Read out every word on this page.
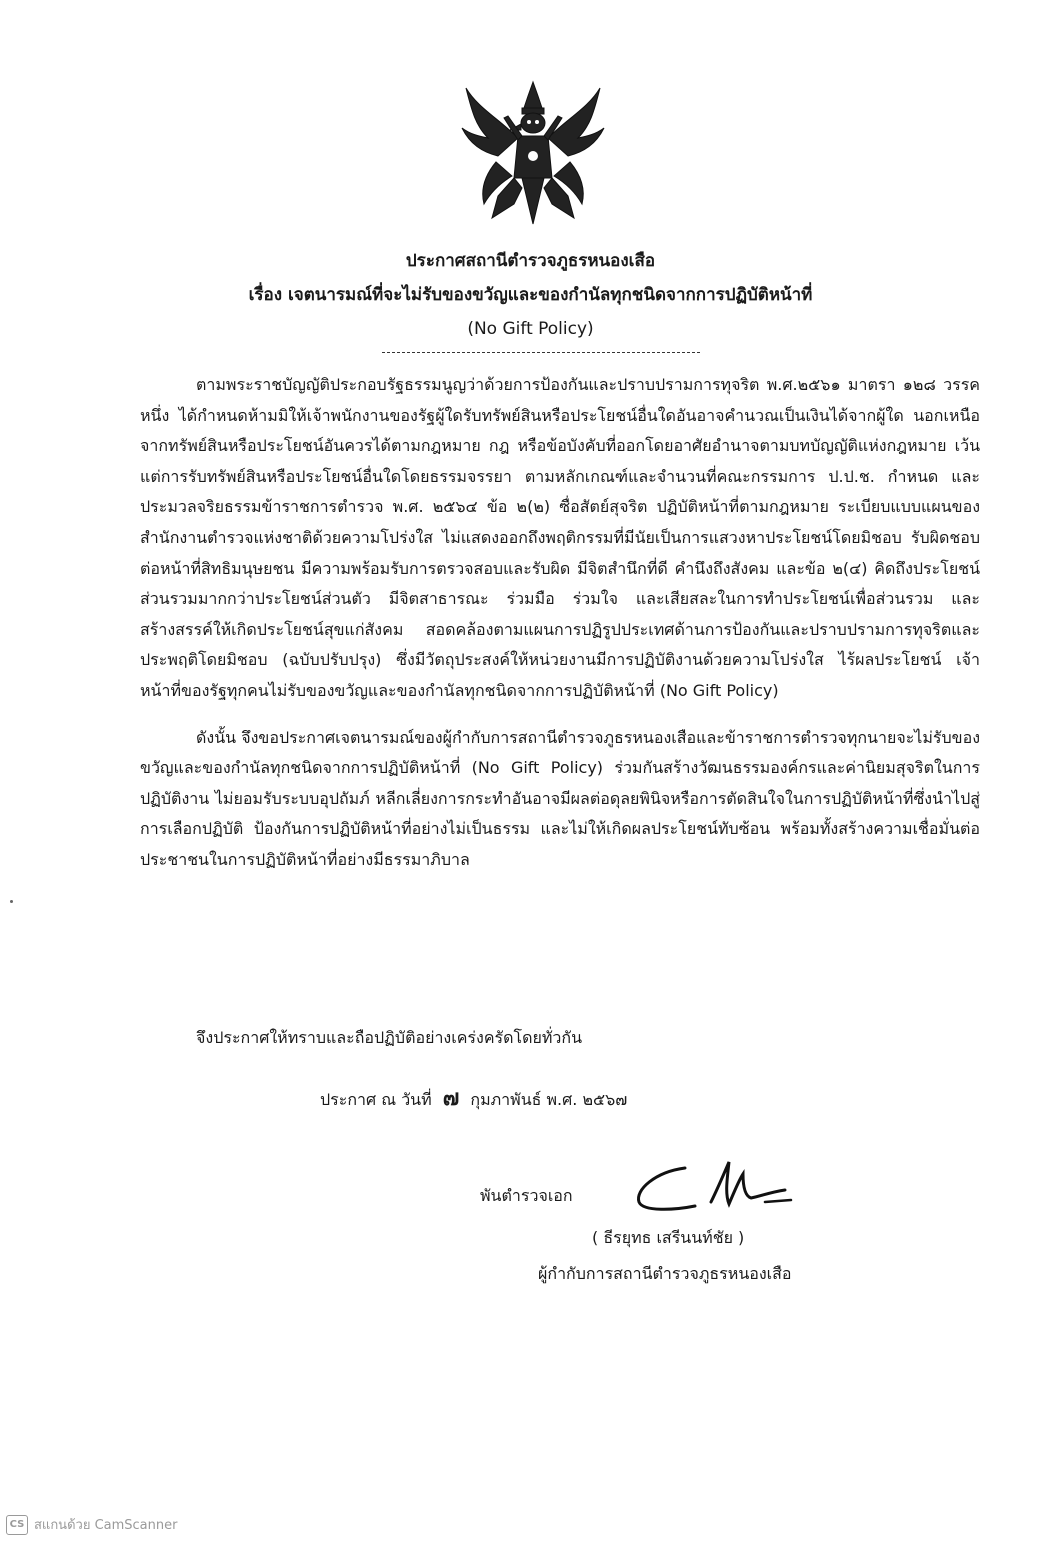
ประกาศสถานีตำรวจภูธรหนองเสือ
เรื่อง เจตนารมณ์ที่จะไม่รับของขวัญและของกำนัลทุกชนิดจากการปฏิบัติหน้าที่
(No Gift Policy)

ตามพระราชบัญญัติประกอบรัฐธรรมนูญว่าด้วยการป้องกันและปราบปรามการทุจริต พ.ศ.๒๕๖๑ มาตรา ๑๒๘ วรรคหนึ่ง ได้กำหนดห้ามมิให้เจ้าพนักงานของรัฐผู้ใดรับทรัพย์สินหรือประโยชน์อื่นใดอันอาจคำนวณเป็นเงินได้จากผู้ใด นอกเหนือจากทรัพย์สินหรือประโยชน์อันควรได้ตามกฎหมาย กฎ หรือข้อบังคับที่ออกโดยอาศัยอำนาจตามบทบัญญัติแห่งกฎหมาย เว้นแต่การรับทรัพย์สินหรือประโยชน์อื่นใดโดยธรรมจรรยา ตามหลักเกณฑ์และจำนวนที่คณะกรรมการ ป.ป.ช. กำหนด และประมวลจริยธรรมข้าราชการตำรวจ พ.ศ. ๒๕๖๔ ข้อ ๒(๒) ซื่อสัตย์สุจริต ปฏิบัติหน้าที่ตามกฎหมาย ระเบียบแบบแผนของสำนักงานตำรวจแห่งชาติด้วยความโปร่งใส ไม่แสดงออกถึงพฤติกรรมที่มีนัยเป็นการแสวงหาประโยชน์โดยมิชอบ รับผิดชอบต่อหน้าที่สิทธิมนุษยชน มีความพร้อมรับการตรวจสอบและรับผิด มีจิตสำนึกที่ดี คำนึงถึงสังคม และข้อ ๒(๔) คิดถึงประโยชน์ส่วนรวมมากกว่าประโยชน์ส่วนตัว มีจิตสาธารณะ ร่วมมือ ร่วมใจ และเสียสละในการทำประโยชน์เพื่อส่วนรวม และสร้างสรรค์ให้เกิดประโยชน์สุขแก่สังคม สอดคล้องตามแผนการปฏิรูปประเทศด้านการป้องกันและปราบปรามการทุจริตและประพฤติโดยมิชอบ (ฉบับปรับปรุง) ซึ่งมีวัตถุประสงค์ให้หน่วยงานมีการปฏิบัติงานด้วยความโปร่งใส ไร้ผลประโยชน์ เจ้าหน้าที่ของรัฐทุกคนไม่รับของขวัญและของกำนัลทุกชนิดจากการปฏิบัติหน้าที่ (No Gift Policy)

ดังนั้น จึงขอประกาศเจตนารมณ์ของผู้กำกับการสถานีตำรวจภูธรหนองเสือและข้าราชการตำรวจทุกนายจะไม่รับของขวัญและของกำนัลทุกชนิดจากการปฏิบัติหน้าที่ (No Gift Policy) ร่วมกันสร้างวัฒนธรรมองค์กรและค่านิยมสุจริตในการปฏิบัติงาน ไม่ยอมรับระบบอุปถัมภ์ หลีกเลี่ยงการกระทำอันอาจมีผลต่อดุลยพินิจหรือการตัดสินใจในการปฏิบัติหน้าที่ซึ่งนำไปสู่การเลือกปฏิบัติ ป้องกันการปฏิบัติหน้าที่อย่างไม่เป็นธรรม และไม่ให้เกิดผลประโยชน์ทับซ้อน พร้อมทั้งสร้างความเชื่อมั่นต่อประชาชนในการปฏิบัติหน้าที่อย่างมีธรรมาภิบาล

จึงประกาศให้ทราบและถือปฏิบัติอย่างเคร่งครัดโดยทั่วกัน
ประกาศ ณ วันที่ ๗ กุมภาพันธ์ พ.ศ. ๒๕๖๗
พันตำรวจเอก
( ธีรยุทธ เสรีนนท์ชัย )
ผู้กำกับการสถานีตำรวจภูธรหนองเสือ
CS สแกนด้วย CamScanner
